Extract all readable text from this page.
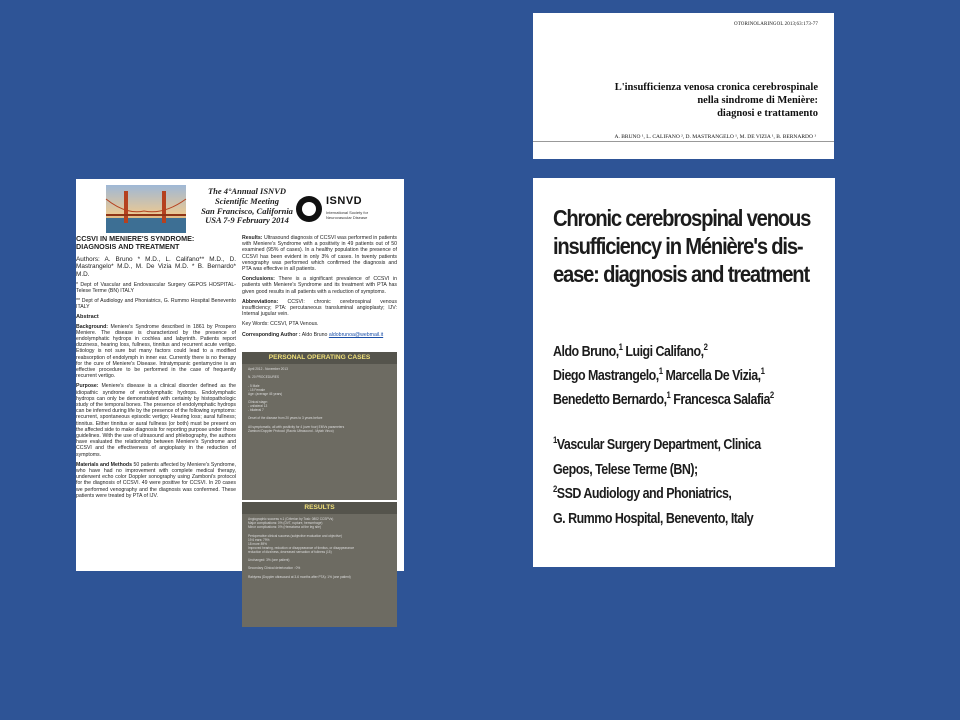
OTORINOLARINGOL 2013;63:173-77
L'insufficienza venosa cronica cerebrospinale
nella sindrome di Menière:
diagnosi e trattamento
A. BRUNO ¹, L. CALIFANO ², D. MASTRANGELO ¹, M. DE VIZIA ¹, B. BERNARDO ¹
The 4°Annual ISNVD
Scientific Meeting
San Francisco, California
USA 7-9 February 2014
ISNVD
International Society for Neurovascular Disease
CCSVI IN MENIERE'S SYNDROME: DIAGNOSIS AND TREATMENT
Authors: A. Bruno * M.D., L. Califano** M.D., D. Mastrangelo* M.D., M. De Vizia M.D. * B. Bernardo* M.D.

* Dept of Vascular and Endovascular Surgery GEPOS HOSPITAL- Telese Terme (BN) ITALY

** Dept of Audiology and Phoniatrics, G. Rummo Hospital Benevento ITALY

Abstract

Background: Meniere's Syndrome described in 1861 by Prospero Meniere. The disease is characterized by the presence of endolymphatic hydrops in cochlea and labyrinth. Patients report dizziness, hearing loss, fullness, tinnitus and recurrent acute vertigo. Etiology is not sure but many factors could lead to a modified reabsorption of endolymph in inner ear. Currently there is no therapy for the cure of Meniere's Disease. Intratympanic gentamycine is an effective procedure to be performed in the case of frequently recurrent vertigo.

Purpose: Meniere's disease is a clinical disorder defined as the idiopathic syndrome of endolymphatic hydrops. Endolymphatic hydrops can only be demonstrated with certainty by histopathologic study of the temporal bones. The presence of endolymphatic hydrops can be inferred during life by the presence of the following symptoms: recurrent, spontaneous episodic vertigo; Hearing loss; aural fullness; tinnitus. Either tinnitus or aural fullness (or both) must be present on the affected side to make diagnosis for reporting purpose under those guidelines. With the use of ultrasound and phlebography, the authors have evaluated the relationship between Meniere's Syndrome and CCSVI and the effectiveness of angioplasty in the reduction of symptoms.

Materials and Methods 50 patients affected by Meniere's Syndrome, who have had no improvement with complete medical therapy, underwent echo color Doppler sonography using Zamboni's protocol for the diagnosis of CCSVI. 49 were positive for CCSVI. In 20 cases we performed venography and the diagnosis was confermed. These patients were treated by PTA of IJV.

Results: Ultrasound diagnosis of CCSVI was performed in patients with Meniere's Syndrome with a positivity in 49 patients out of 50 examined (95% of cases). In a healthy population the presence of CCSVI has been evident in only 3% of cases. In twenty patients venography was performed which confirmed the diagnosis and PTA was effective in all patients.

Conclusions: There is a significant prevalence of CCSVI in patients with Meniere's Syndrome and its treatment with PTA has given good results in all patients with a reduction of symptoms.

Abbreviations: CCSVI: chronic cerebrospinal venous insufficiency; PTA: percutaneous transluminal angioplasty; IJV: Internal jugular vein.

Key Words: CCSVI, PTA Venous.

Corresponding Author : Aldo Bruno aldobrunoa@webmail.it

PERSONAL OPERATING CASES
April 2012 - November 2013

N. 20 PROCEDURES

- 5 Male
- 15 Female
Age: (average 45 years)

Clinical stage:
- unilateral 13
- bilateral 7

Onset of the disease from 20 years to 3 years before

All symptomatic, all with positivity for 4 (over four) EMVs parameters
Zamboni Doppler Protocol (Raoric Ultrasound - Mylab Vinco)
RESULTS
Angiographic success n.1 (Criterion by Tosk: 0802 CCSPVs)
Major complications: 0% (DVT, rupture, hemorrhage)
Minor complications: 0% (Hematoma at the leg site)

Perioperative clinical success (subjective evaluation and objective)
19 6 ears: 79%
18 more 89%
Improved hearing, reduction or disappearance of tinnitus, or disappearance
reduction of dizziness, decreased sensation of fullness (15)

Unchanged: 3% (one patient)

Secondary Clinical deterioration : 0%

Rabiyess (Doppler ultrasound at 3-6 months after PTA): 1% (one patient)
Chronic cerebrospinal venous
insufficiency in Ménière's dis-
ease: diagnosis and treatment
Aldo Bruno,$^1$ Luigi Califano,$^2$
Diego Mastrangelo,$^1$ Marcella De Vizia,$^1$
Benedetto Bernardo,$^1$ Francesca Salafia$^2$
$^1$Vascular Surgery Department, Clinica
Gepos, Telese Terme (BN);
$^2$SSD Audiology and Phoniatrics,
G. Rummo Hospital, Benevento, Italy
